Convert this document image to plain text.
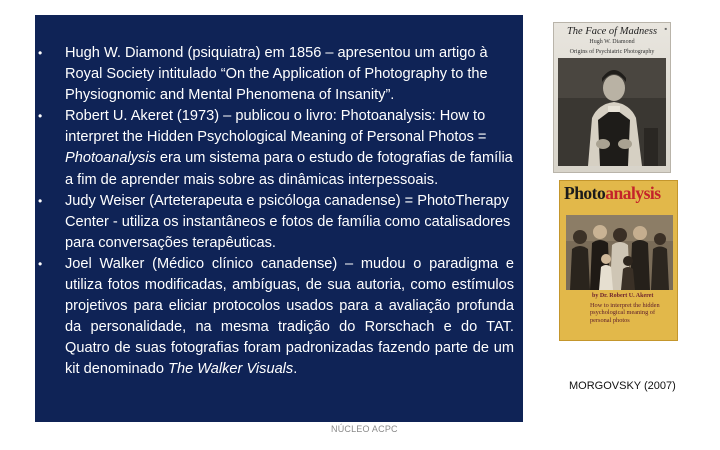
• Hugh W. Diamond (psiquiatra) em 1856 – apresentou um artigo à Royal Society intitulado “On the Application of Photography to the Physiognomic and Mental Phenomena of Insanity”.
• Robert U. Akeret (1973) – publicou o livro: Photoanalysis: How to interpret the Hidden Psychological Meaning of Personal Photos = Photoanalysis era um sistema para o estudo de fotografias de família a fim de aprender mais sobre as dinâmicas interpessoais.
• Judy Weiser (Arteterapeuta e psicóloga canadense) = PhotoTherapy Center - utiliza os instantâneos e fotos de família como catalisadores para conversações terapêuticas.
• Joel Walker (Médico clínico canadense) – mudou o paradigma e utiliza fotos modificadas, ambíguas, de sua autoria, como estímulos projetivos para eliciar protocolos usados para a avaliação profunda da personalidade, na mesma tradição do Rorschach e do TAT. Quatro de suas fotografias foram padronizadas fazendo parte de um kit denominado The Walker Visuals.
NÚCLEO ACPC
■
The Face of Madness
Hugh W. Diamond
Origins of Psychiatric Photography
Photoanalysis
by Dr. Robert U. Akeret
How to interpret the hidden psychological meaning of personal photos
MORGOVSKY (2007)
